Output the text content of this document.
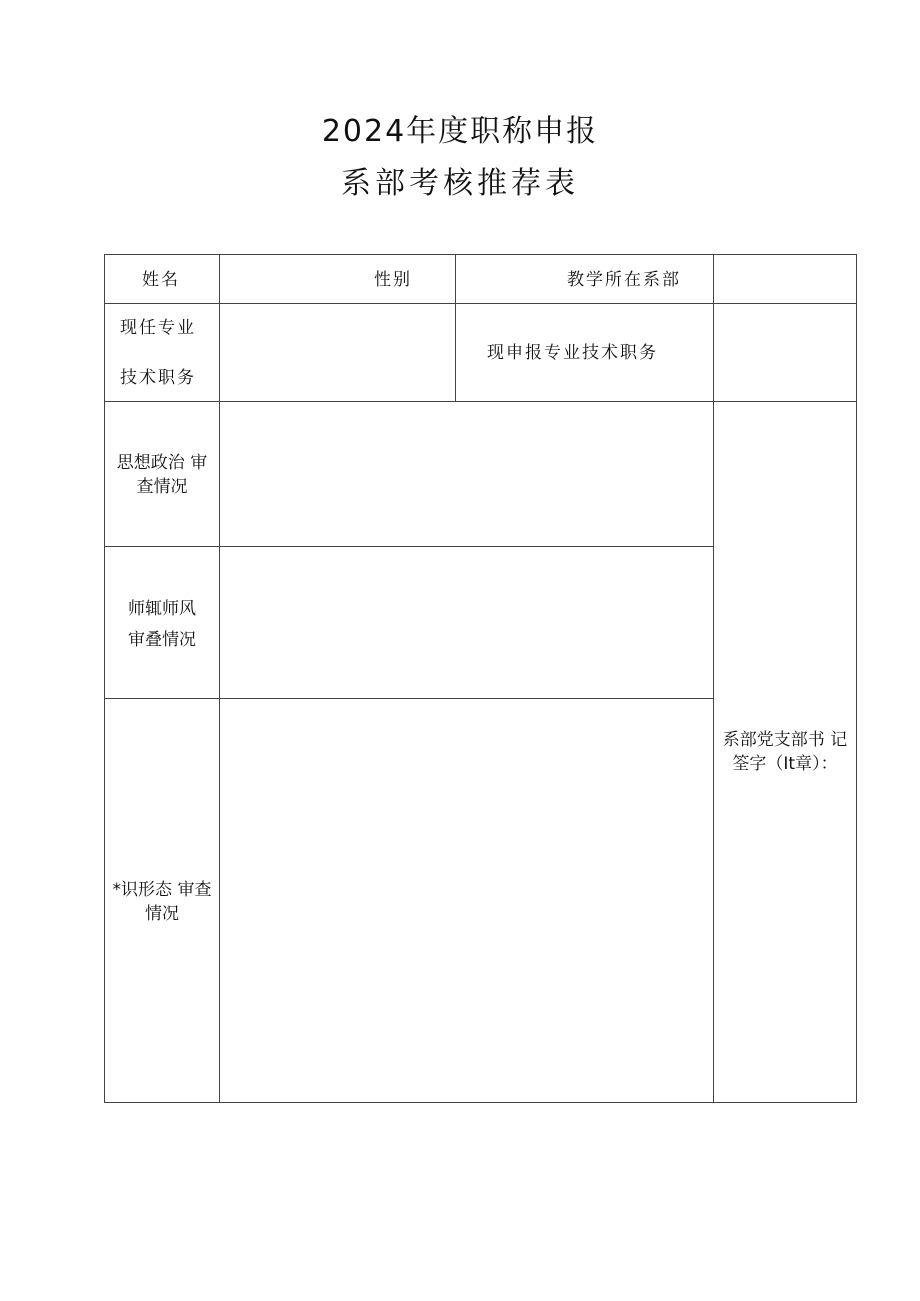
2024年度职称申报
系部考核推荐表
姓名	性别	教学所在系部
现任专业
技术职务
现申报专业技术职务
思想政治 审
查情况
师辄师风
审叠情况
*识形态 审查
情况
系部党支部书 记
筌字（It章）：
